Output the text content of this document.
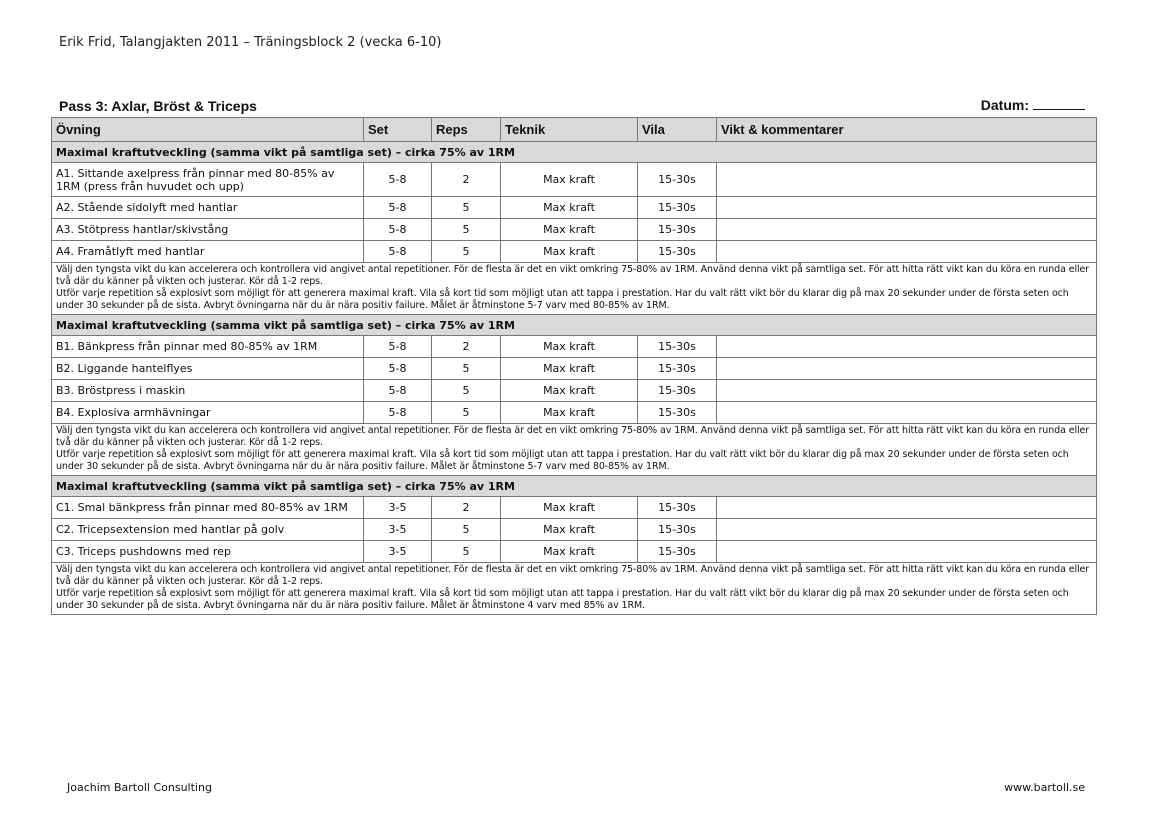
Erik Frid, Talangjakten 2011 – Träningsblock 2 (vecka 6-10)
Pass 3: Axlar, Bröst & Triceps	Datum:
Övning	Set	Reps	Teknik	Vila	Vikt & kommentarer
Maximal kraftutveckling (samma vikt på samtliga set) – cirka 75% av 1RM					
A1. Sittande axelpress från pinnar med 80-85% av 1RM (press från huvudet och upp)	5-8	2	Max kraft	15-30s	
A2. Stående sidolyft med hantlar	5-8	5	Max kraft	15-30s	
A3. Stötpress hantlar/skivstång	5-8	5	Max kraft	15-30s	
A4. Framåtlyft med hantlar	5-8	5	Max kraft	15-30s	

Välj den tyngsta vikt du kan accelerera och kontrollera vid angivet antal repetitioner. För de flesta är det en vikt omkring 75-80% av 1RM. Använd denna vikt på samtliga set. För att hitta rätt vikt kan du köra en runda eller två där du känner på vikten och justerar. Kör då 1-2 reps.
Utför varje repetition så explosivt som möjligt för att generera maximal kraft. Vila så kort tid som möjligt utan att tappa i prestation. Har du valt rätt vikt bör du klarar dig på max 20 sekunder under de första seten och under 30 sekunder på de sista. Avbryt övningarna när du är nära positiv failure. Målet är åtminstone 5-7 varv med 80-85% av 1RM.					

Maximal kraftutveckling (samma vikt på samtliga set) – cirka 75% av 1RM					
B1. Bänkpress från pinnar med 80-85% av 1RM	5-8	2	Max kraft	15-30s	
B2. Liggande hantelflyes	5-8	5	Max kraft	15-30s	
B3. Bröstpress i maskin	5-8	5	Max kraft	15-30s	
B4. Explosiva armhävningar	5-8	5	Max kraft	15-30s	

Välj den tyngsta vikt du kan accelerera och kontrollera vid angivet antal repetitioner. För de flesta är det en vikt omkring 75-80% av 1RM. Använd denna vikt på samtliga set. För att hitta rätt vikt kan du köra en runda eller två där du känner på vikten och justerar. Kör då 1-2 reps.
Utför varje repetition så explosivt som möjligt för att generera maximal kraft. Vila så kort tid som möjligt utan att tappa i prestation. Har du valt rätt vikt bör du klarar dig på max 20 sekunder under de första seten och under 30 sekunder på de sista. Avbryt övningarna när du är nära positiv failure. Målet är åtminstone 5-7 varv med 80-85% av 1RM.					

Maximal kraftutveckling (samma vikt på samtliga set) – cirka 75% av 1RM					
C1. Smal bänkpress från pinnar med 80-85% av 1RM	3-5	2	Max kraft	15-30s	
C2. Tricepsextension med hantlar på golv	3-5	5	Max kraft	15-30s	
C3. Triceps pushdowns med rep	3-5	5	Max kraft	15-30s	

Välj den tyngsta vikt du kan accelerera och kontrollera vid angivet antal repetitioner. För de flesta är det en vikt omkring 75-80% av 1RM. Använd denna vikt på samtliga set. För att hitta rätt vikt kan du köra en runda eller två där du känner på vikten och justerar. Kör då 1-2 reps.
Utför varje repetition så explosivt som möjligt för att generera maximal kraft. Vila så kort tid som möjligt utan att tappa i prestation. Har du valt rätt vikt bör du klarar dig på max 20 sekunder under de första seten och under 30 sekunder på de sista. Avbryt övningarna när du är nära positiv failure. Målet är åtminstone 4 varv med 85% av 1RM.					
Joachim Bartoll Consulting	www.bartoll.se
